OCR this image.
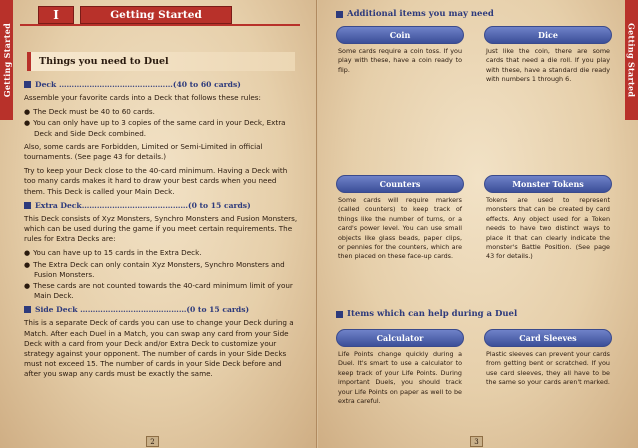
Getting Started
I	Getting Started
Things you need to Duel
Deck ………………………………………(40 to 60 cards)

Assemble your favorite cards into a Deck that follows these rules:

● The Deck must be 40 to 60 cards.
● You can only have up to 3 copies of the same card in your Deck, Extra Deck and Side Deck combined.

Also, some cards are Forbidden, Limited or Semi-Limited in official tournaments. (See page 43 for details.)

Try to keep your Deck close to the 40-card minimum. Having a Deck with too many cards makes it hard to draw your best cards when you need them. This Deck is called your Main Deck.

Extra Deck……………………………………(0 to 15 cards)

This Deck consists of Xyz Monsters, Synchro Monsters and Fusion Monsters, which can be used during the game if you meet certain requirements. The rules for Extra Decks are:

● You can have up to 15 cards in the Extra Deck.
● The Extra Deck can only contain Xyz Monsters, Synchro Monsters and Fusion Monsters.
● These cards are not counted towards the 40-card minimum limit of your Main Deck.
Side Deck ……………………………………(0 to 15 cards)

This is a separate Deck of cards you can use to change your Deck during a Match. After each Duel in a Match, you can swap any card from your Side Deck with a card from your Deck and/or Extra Deck to customize your strategy against your opponent. The number of cards in your Side Decks must not exceed 15. The number of cards in your Side Deck before and after you swap any cards must be exactly the same.

2
Getting Started
Additional items you may need
Coin
Some cards require a coin toss. If you play with these, have a coin ready to flip.
Dice
Just like the coin, there are some cards that need a die roll. If you play with these, have a standard die ready with numbers 1 through 6.
Counters
Some cards will require markers (called counters) to keep track of things like the number of turns, or a card's power level. You can use small objects like glass beads, paper clips, or pennies for the counters, which are then placed on these face-up cards.
Monster Tokens
Tokens are used to represent monsters that can be created by card effects. Any object used for a Token needs to have two distinct ways to place it that can clearly indicate the monster's Battle Position. (See page 43 for details.)
Items which can help during a Duel
Calculator
Life Points change quickly during a Duel. It's smart to use a calculator to keep track of your Life Points. During important Duels, you should track your Life Points on paper as well to be extra careful.
Card Sleeves
Plastic sleeves can prevent your cards from getting bent or scratched. If you use card sleeves, they all have to be the same so your cards aren't marked.
3
